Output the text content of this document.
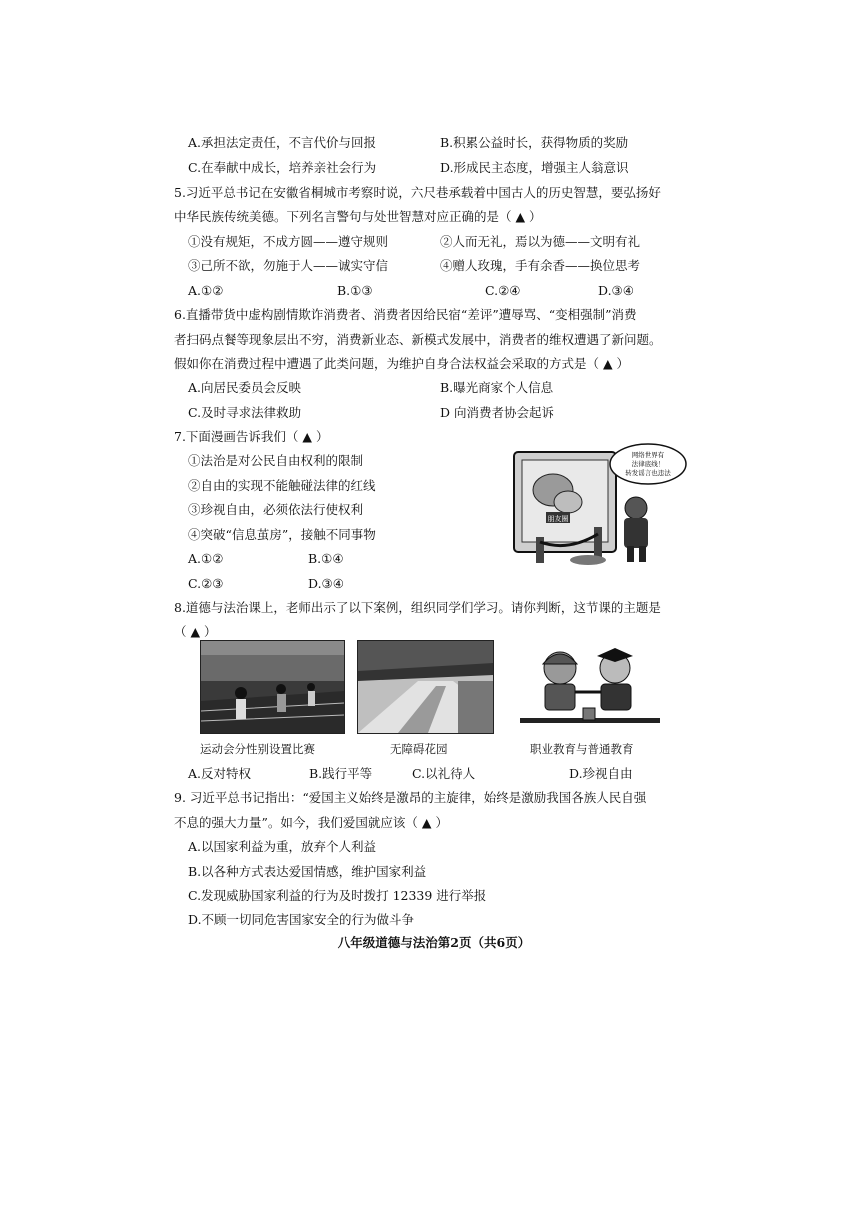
A.承担法定责任，不言代价与回报	B.积累公益时长，获得物质的奖励
C.在奉献中成长，培养亲社会行为	D.形成民主态度，增强主人翁意识
5.习近平总书记在安徽省桐城市考察时说，六尺巷承载着中国古人的历史智慧，要弘扬好
中华民族传统美德。下列名言警句与处世智慧对应正确的是（ ▲ ）
①没有规矩，不成方圆——遵守规则	②人而无礼，焉以为德——文明有礼
③己所不欲，勿施于人——诚实守信	④赠人玫瑰，手有余香——换位思考
A.①②	B.①③	C.②④	D.③④
6.直播带货中虚构剧情欺诈消费者、消费者因给民宿“差评”遭辱骂、“变相强制”消费
者扫码点餐等现象层出不穷，消费新业态、新模式发展中，消费者的维权遭遇了新问题。
假如你在消费过程中遭遇了此类问题，为维护自身合法权益会采取的方式是（ ▲ ）
A.向居民委员会反映	B.曝光商家个人信息
C.及时寻求法律救助	D 向消费者协会起诉
7.下面漫画告诉我们（ ▲ ）
①法治是对公民自由权利的限制
②自由的实现不能触碰法律的红线
③珍视自由，必须依法行使权利
④突破“信息茧房”，接触不同事物
A.①②	B.①④
C.②③	D.③④
朋友圈
网络世界有
法律底线！
转发谣言也违法
8.道德与法治课上，老师出示了以下案例，组织同学们学习。请你判断，这节课的主题是
（ ▲ ）
运动会分性别设置比赛	无障碍花园	职业教育与普通教育
A.反对特权	B.践行平等	C.以礼待人	D.珍视自由
9. 习近平总书记指出：“爱国主义始终是激昂的主旋律，始终是激励我国各族人民自强
不息的强大力量”。如今，我们爱国就应该（ ▲ ）
A.以国家利益为重，放弃个人利益
B.以各种方式表达爱国情感，维护国家利益
C.发现威胁国家利益的行为及时拨打 12339 进行举报
D.不顾一切同危害国家安全的行为做斗争
八年级道德与法治第2页（共6页）
